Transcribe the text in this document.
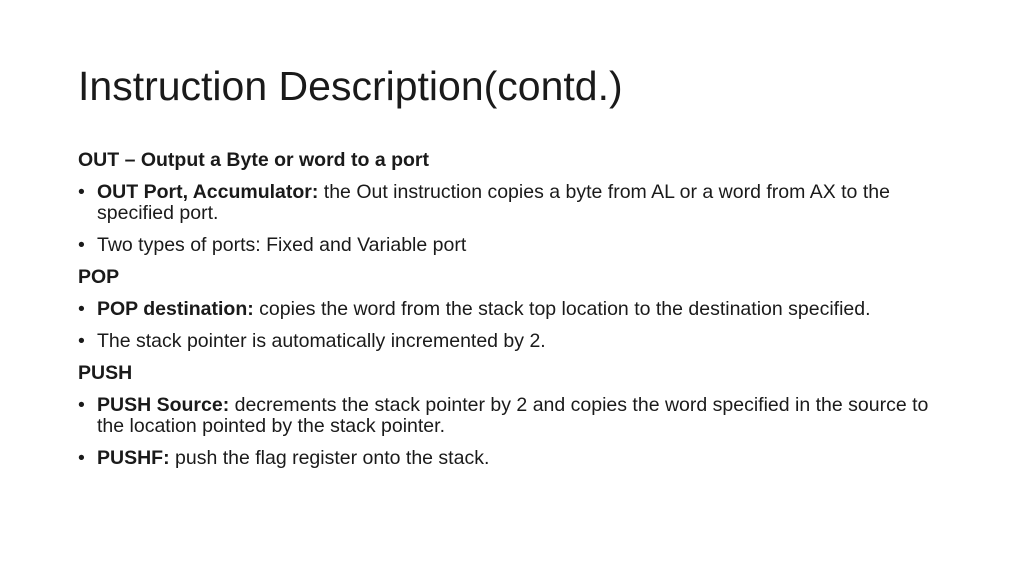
Instruction Description(contd.)

OUT – Output a Byte or word to a port

• OUT Port, Accumulator: the Out instruction copies a byte from AL or a word from AX to the specified port.
• Two types of ports: Fixed and Variable port

POP

• POP destination: copies the word from the stack top location to the destination specified.
• The stack pointer is automatically incremented by 2.

PUSH

• PUSH Source: decrements the stack pointer by 2 and copies the word specified in the source to the location pointed by the stack pointer.
• PUSHF: push the flag register onto the stack.
